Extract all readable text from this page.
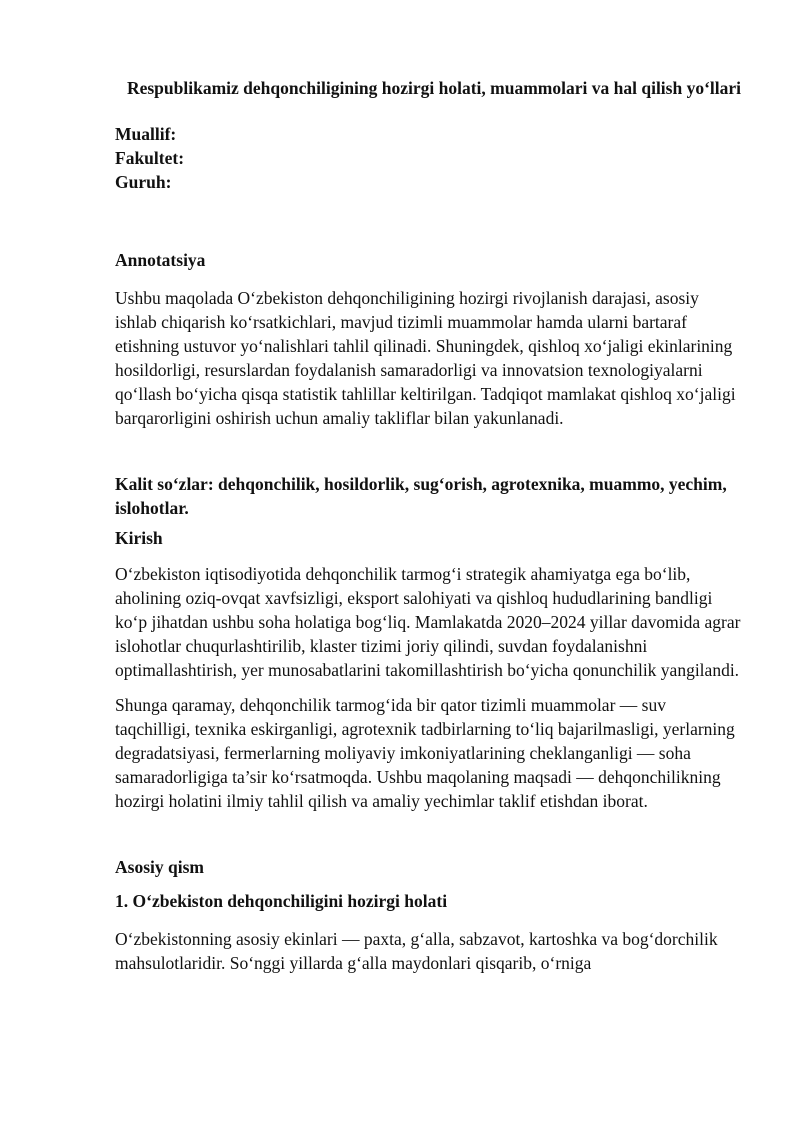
Respublikamiz dehqonchiligining hozirgi holati, muammolari va hal qilish yo‘llari
Muallif:
Fakultet:
Guruh:
Annotatsiya

Ushbu maqolada O‘zbekiston dehqonchiligining hozirgi rivojlanish darajasi, asosiy ishlab chiqarish ko‘rsatkichlari, mavjud tizimli muammolar hamda ularni bartaraf etishning ustuvor yo‘nalishlari tahlil qilinadi. Shuningdek, qishloq xo‘jaligi ekinlarining hosildorligi, resurslardan foydalanish samaradorligi va innovatsion texnologiyalarni qo‘llash bo‘yicha qisqa statistik tahlillar keltirilgan. Tadqiqot mamlakat qishloq xo‘jaligi barqarorligini oshirish uchun amaliy takliflar bilan yakunlanadi.

Kalit so‘zlar: dehqonchilik, hosildorlik, sug‘orish, agrotexnika, muammo, yechim, islohotlar.
Kirish

O‘zbekiston iqtisodiyotida dehqonchilik tarmog‘i strategik ahamiyatga ega bo‘lib, aholining oziq-ovqat xavfsizligi, eksport salohiyati va qishloq hududlarining bandligi ko‘p jihatdan ushbu soha holatiga bog‘liq. Mamlakatda 2020–2024 yillar davomida agrar islohotlar chuqurlashtirilib, klaster tizimi joriy qilindi, suvdan foydalanishni optimallashtirish, yer munosabatlarini takomillashtirish bo‘yicha qonunchilik yangilandi.

Shunga qaramay, dehqonchilik tarmog‘ida bir qator tizimli muammolar — suv taqchilligi, texnika eskirganligi, agrotexnik tadbirlarning to‘liq bajarilmasligi, yerlarning degradatsiyasi, fermerlarning moliyaviy imkoniyatlarining cheklanganligi — soha samaradorligiga ta’sir ko‘rsatmoqda. Ushbu maqolaning maqsadi — dehqonchilikning hozirgi holatini ilmiy tahlil qilish va amaliy yechimlar taklif etishdan iborat.

Asosiy qism
1. O‘zbekiston dehqonchiligini hozirgi holati

O‘zbekistonning asosiy ekinlari — paxta, g‘alla, sabzavot, kartoshka va bog‘dorchilik mahsulotlaridir. So‘nggi yillarda g‘alla maydonlari qisqarib, o‘rniga
